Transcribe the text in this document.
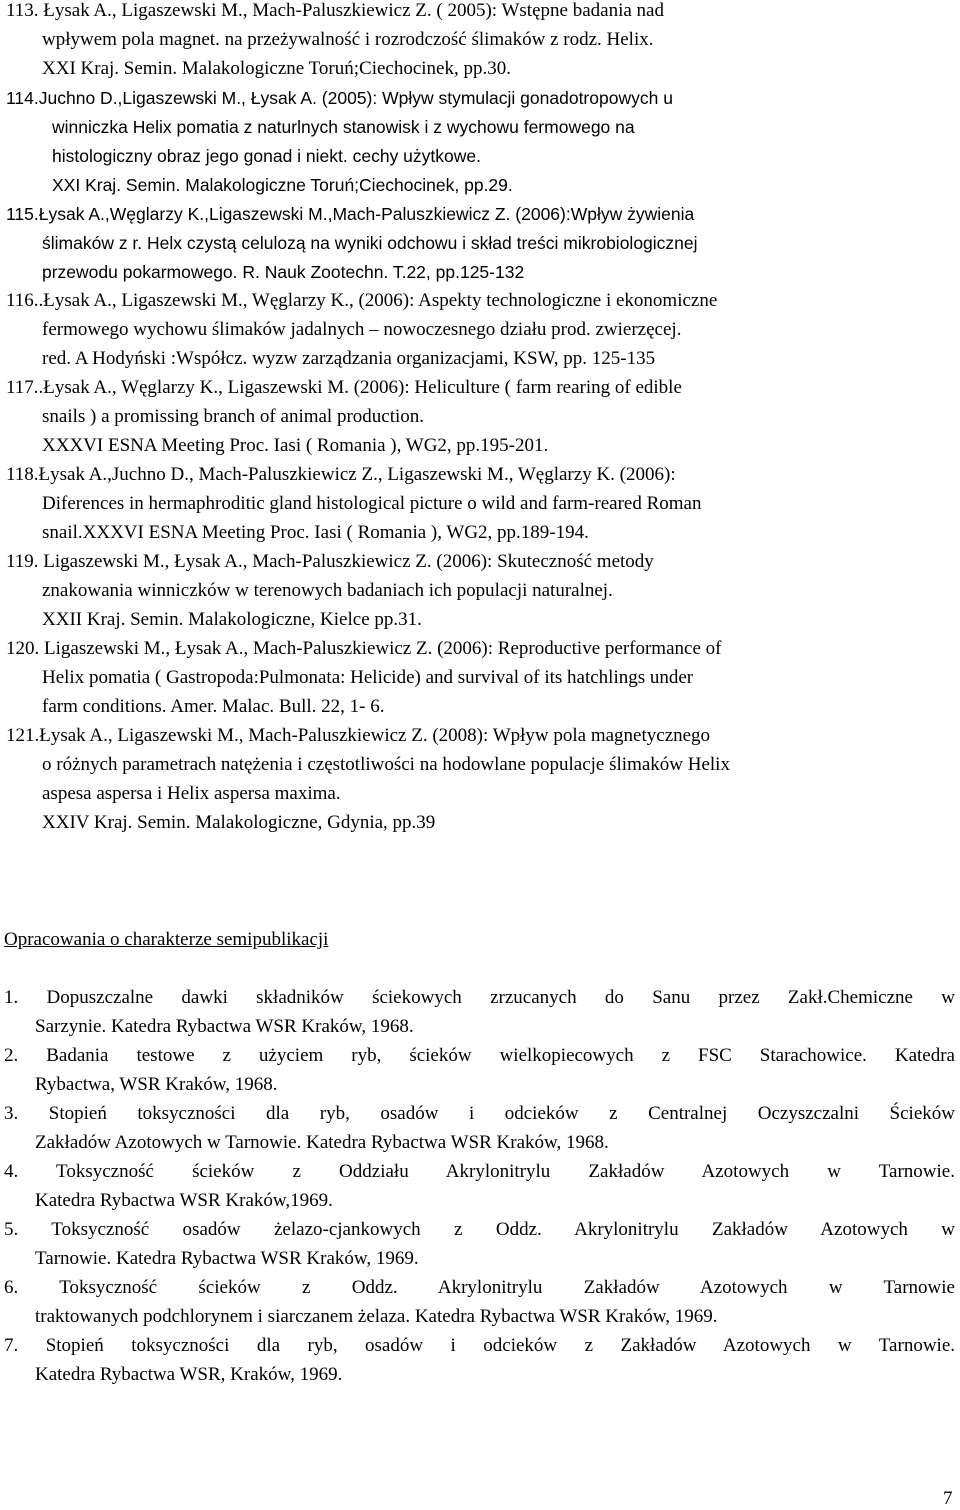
113. Łysak A., Ligaszewski M., Mach-Paluszkiewicz Z. ( 2005): Wstępne badania nad
wpływem pola magnet. na przeżywalność i rozrodczość ślimaków z rodz. Helix.
XXI Kraj. Semin. Malakologiczne Toruń;Ciechocinek, pp.30.
114.Juchno D.,Ligaszewski M., Łysak A. (2005): Wpływ stymulacji gonadotropowych u
winniczka Helix pomatia z naturlnych stanowisk i z wychowu fermowego na
histologiczny obraz jego gonad i niekt. cechy użytkowe.
XXI Kraj. Semin. Malakologiczne Toruń;Ciechocinek, pp.29.
115.Łysak A.,Węglarzy K.,Ligaszewski M.,Mach-Paluszkiewicz Z. (2006):Wpływ żywienia
ślimaków z r. Helx czystą celulozą na wyniki odchowu i skład treści mikrobiologicznej
przewodu pokarmowego. R. Nauk Zootechn. T.22, pp.125-132
116..Łysak A., Ligaszewski M., Węglarzy K., (2006): Aspekty technologiczne i ekonomiczne
fermowego wychowu ślimaków jadalnych – nowoczesnego działu prod. zwierzęcej.
red. A Hodyński :Współcz. wyzw zarządzania organizacjami, KSW, pp. 125-135
117..Łysak A., Węglarzy K., Ligaszewski M. (2006): Heliculture ( farm rearing of edible
snails ) a promissing branch of animal production.
XXXVI ESNA Meeting Proc. Iasi ( Romania ), WG2, pp.195-201.
118.Łysak A.,Juchno D., Mach-Paluszkiewicz Z., Ligaszewski M., Węglarzy K. (2006):
Diferences in hermaphroditic gland histological picture o wild and farm-reared Roman
snail.XXXVI ESNA Meeting Proc. Iasi ( Romania ), WG2, pp.189-194.
119. Ligaszewski M., Łysak A., Mach-Paluszkiewicz Z. (2006): Skuteczność metody
znakowania winniczków w terenowych badaniach ich populacji naturalnej.
XXII Kraj. Semin. Malakologiczne, Kielce pp.31.
120. Ligaszewski M., Łysak A., Mach-Paluszkiewicz Z. (2006): Reproductive performance of
Helix pomatia ( Gastropoda:Pulmonata: Helicide) and survival of its hatchlings under
farm conditions. Amer. Malac. Bull. 22, 1- 6.
121.Łysak A., Ligaszewski M., Mach-Paluszkiewicz Z. (2008): Wpływ pola magnetycznego
o różnych parametrach natężenia i częstotliwości na hodowlane populacje ślimaków Helix
aspesa aspersa i Helix aspersa maxima.
XXIV Kraj. Semin. Malakologiczne, Gdynia, pp.39
Opracowania o charakterze semipublikacji
1. Dopuszczalne dawki składników ściekowych zrzucanych do Sanu przez Zakł.Chemiczne w
Sarzynie. Katedra Rybactwa WSR Kraków, 1968.
2. Badania testowe z użyciem ryb, ścieków wielkopiecowych z FSC Starachowice. Katedra
Rybactwa, WSR Kraków, 1968.
3. Stopień toksyczności dla ryb, osadów i odcieków z Centralnej Oczyszczalni Ścieków
Zakładów Azotowych w Tarnowie. Katedra Rybactwa WSR Kraków, 1968.
4. Toksyczność ścieków z Oddziału Akrylonitrylu Zakładów Azotowych w Tarnowie.
Katedra Rybactwa WSR Kraków,1969.
5. Toksyczność osadów żelazo-cjankowych z Oddz. Akrylonitrylu Zakładów Azotowych w
Tarnowie. Katedra Rybactwa WSR Kraków, 1969.
6. Toksyczność ścieków z Oddz. Akrylonitrylu Zakładów Azotowych w Tarnowie
traktowanych podchlorynem i siarczanem żelaza. Katedra Rybactwa WSR Kraków, 1969.
7. Stopień toksyczności dla ryb, osadów i odcieków z Zakładów Azotowych w Tarnowie.
Katedra Rybactwa WSR, Kraków, 1969.
7
